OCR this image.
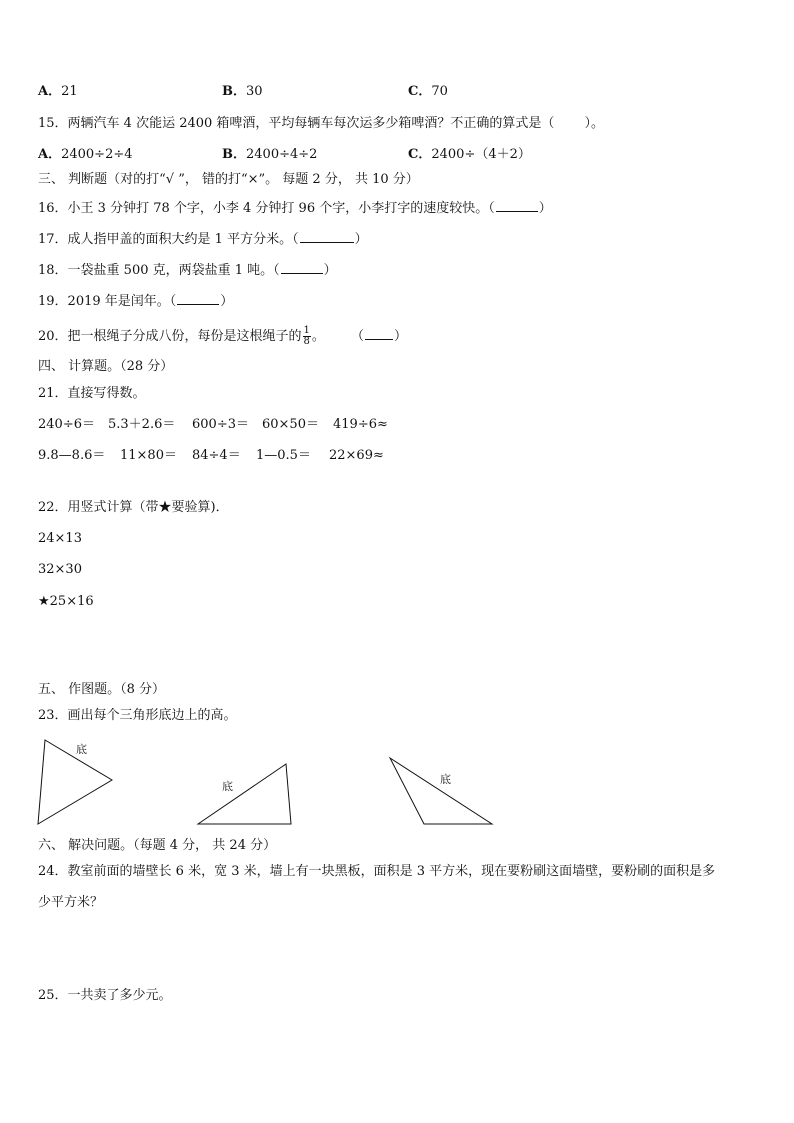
A．21	B．30	C．70
15．两辆汽车 4 次能运 2400 箱啤酒，平均每辆车每次运多少箱啤酒？不正确的算式是（ ）。
A．2400÷2÷4	B．2400÷4÷2	C．2400÷（4＋2）
三、 判断题（对的打“√ ”， 错的打“×”。 每题 2 分， 共 10 分）
16．小王 3 分钟打 78 个字，小李 4 分钟打 96 个字，小李打字的速度较快。（	）
17．成人指甲盖的面积大约是 1 平方分米。（	）
18．一袋盐重 500 克，两袋盐重 1 吨。（	）
19．2019 年是闰年。（	）
20．把一根绳子分成八份，每份是这根绳子的 $\frac{1}{8}$ 。 （ ）
四、 计算题。（28 分）
21．直接写得数。
240÷6＝ 5.3＋2.6＝ 600÷3＝ 60×50＝ 419÷6≈
9.8—8.6＝ 11×80＝ 84÷4＝ 1—0.5＝ 22×69≈
22．用竖式计算（带★要验算)．
24×13
32×30
★25×16
五、 作图题。（8 分）
23．画出每个三角形底边上的高。
底
底
底
六、 解决问题。（每题 4 分， 共 24 分）
24．教室前面的墙壁长 6 米，宽 3 米，墙上有一块黑板，面积是 3 平方米，现在要粉刷这面墙壁，要粉刷的面积是多
少平方米？
25．一共卖了多少元。
